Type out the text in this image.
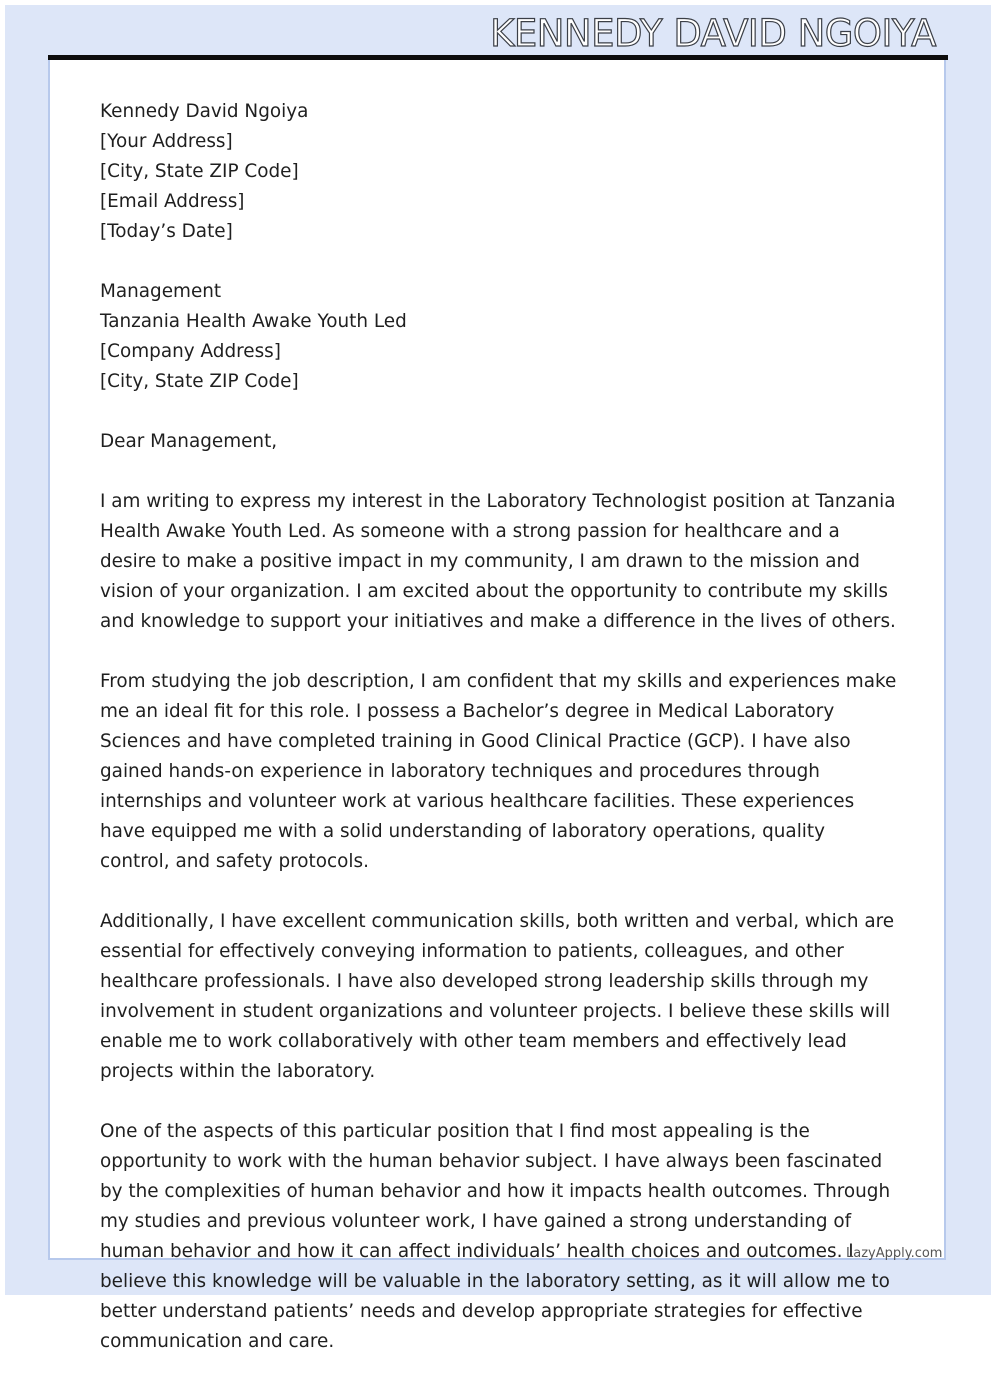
KENNEDY DAVID NGOIYA
Kennedy David Ngoiya
[Your Address]
[City, State ZIP Code]
[Email Address]
[Today’s Date]
Management
Tanzania Health Awake Youth Led
[Company Address]
[City, State ZIP Code]
Dear Management,

I am writing to express my interest in the Laboratory Technologist position at Tanzania Health Awake Youth Led. As someone with a strong passion for healthcare and a desire to make a positive impact in my community, I am drawn to the mission and vision of your organization. I am excited about the opportunity to contribute my skills and knowledge to support your initiatives and make a difference in the lives of others.

From studying the job description, I am confident that my skills and experiences make me an ideal fit for this role. I possess a Bachelor’s degree in Medical Laboratory Sciences and have completed training in Good Clinical Practice (GCP). I have also gained hands-on experience in laboratory techniques and procedures through internships and volunteer work at various healthcare facilities. These experiences have equipped me with a solid understanding of laboratory operations, quality control, and safety protocols.

Additionally, I have excellent communication skills, both written and verbal, which are essential for effectively conveying information to patients, colleagues, and other healthcare professionals. I have also developed strong leadership skills through my involvement in student organizations and volunteer projects. I believe these skills will enable me to work collaboratively with other team members and effectively lead projects within the laboratory.

One of the aspects of this particular position that I find most appealing is the opportunity to work with the human behavior subject. I have always been fascinated by the complexities of human behavior and how it impacts health outcomes. Through my studies and previous volunteer work, I have gained a strong understanding of human behavior and how it can affect individuals’ health choices and outcomes. I believe this knowledge will be valuable in the laboratory setting, as it will allow me to better understand patients’ needs and develop appropriate strategies for effective communication and care.

LazyApply.com
